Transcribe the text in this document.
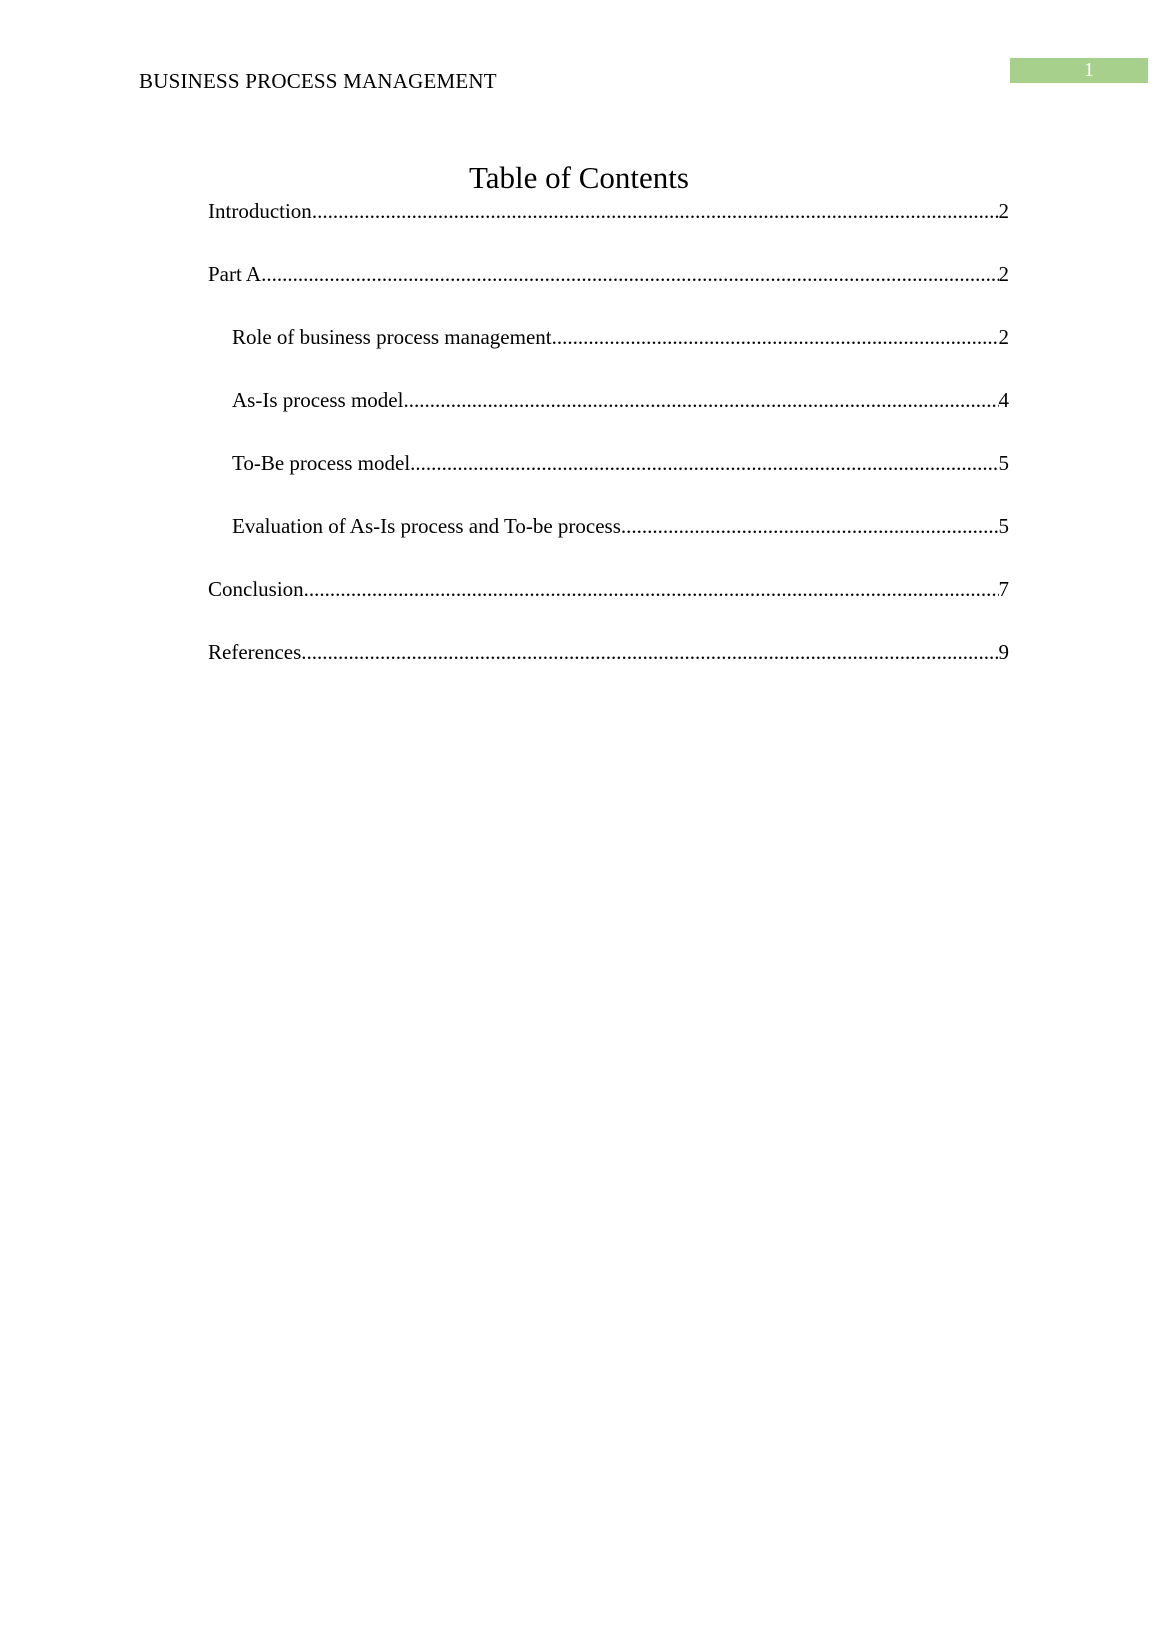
BUSINESS PROCESS MANAGEMENT	1
Table of Contents
Introduction .....	2
Part A .....	2
Role of business process management .....	2
As-Is process model .....	4
To-Be process model .....	5
Evaluation of As-Is process and To-be process .....	5
Conclusion .....	7
References .....	9
